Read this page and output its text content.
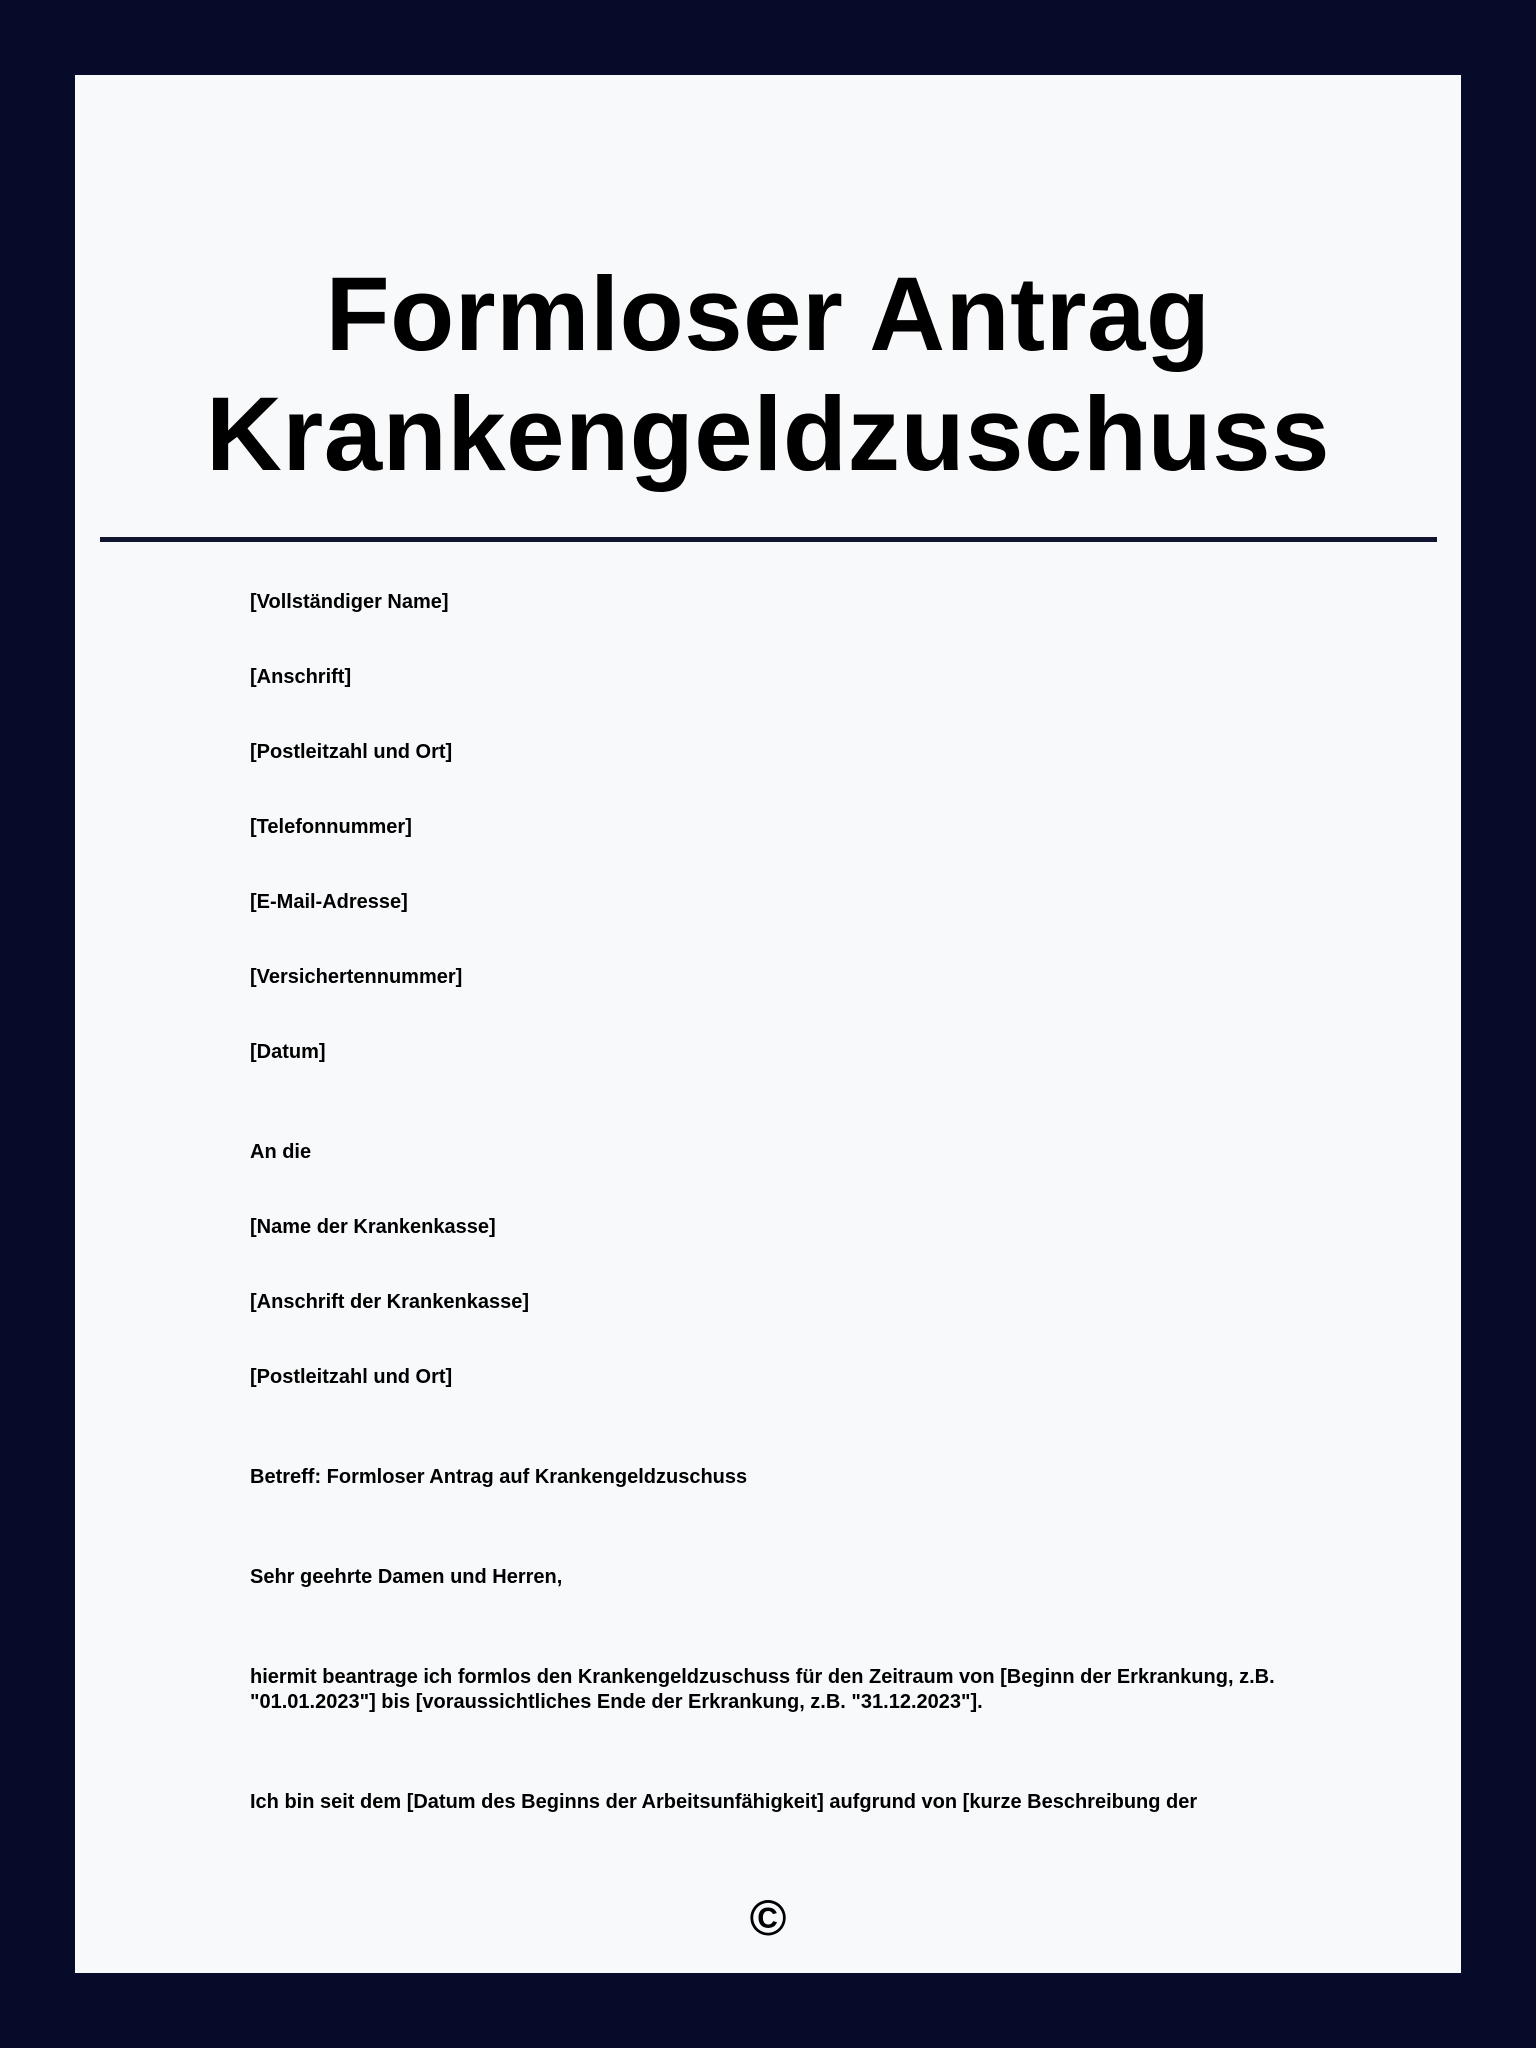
Formloser Antrag
Krankengeldzuschuss

[Vollständiger Name]

[Anschrift]

[Postleitzahl und Ort]

[Telefonnummer]

[E-Mail-Adresse]

[Versichertennummer]

[Datum]

An die

[Name der Krankenkasse]

[Anschrift der Krankenkasse]

[Postleitzahl und Ort]

Betreff: Formloser Antrag auf Krankengeldzuschuss

Sehr geehrte Damen und Herren,

hiermit beantrage ich formlos den Krankengeldzuschuss für den Zeitraum von [Beginn der Erkrankung, z.B. "01.01.2023"] bis [voraussichtliches Ende der Erkrankung, z.B. "31.12.2023"].

Ich bin seit dem [Datum des Beginns der Arbeitsunfähigkeit] aufgrund von [kurze Beschreibung der

©
